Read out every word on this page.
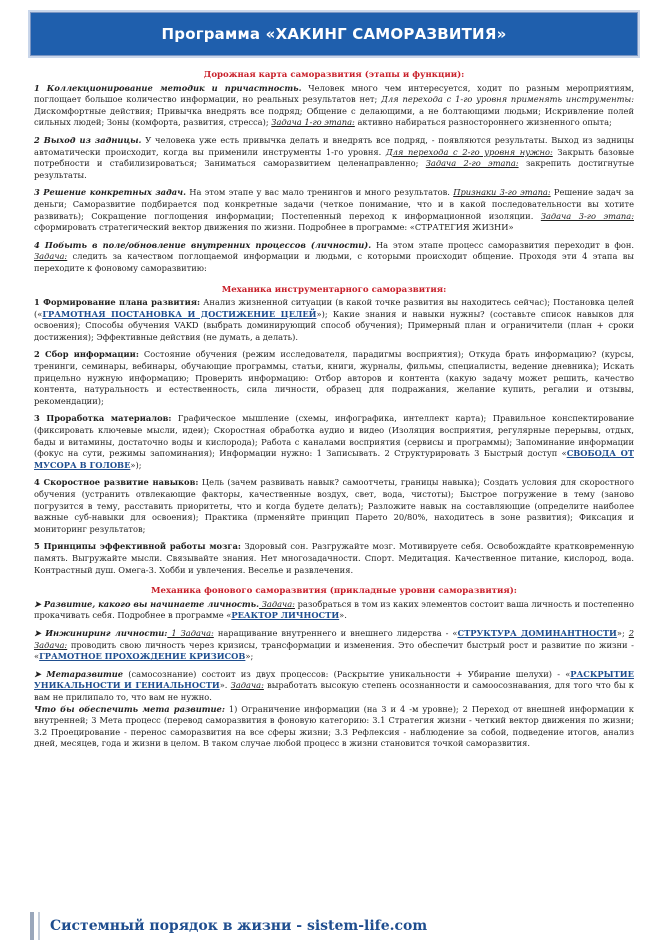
Программа «ХАКИНГ САМОРАЗВИТИЯ»
Дорожная карта саморазвития (этапы и функции):
1 Коллекционирование методик и причастность. Человек много чем интересуется, ходит по разным мероприятиям, поглощает большое количество информации, но реальных результатов нет; Для перехода с 1-го уровня применять инструменты: Дискомфортные действия; Привычка внедрять все подряд; Общение с делающими, а не болтающими людьми; Искривление полей сильных людей; Зоны (комфорта, развития, стресса); Задача 1-го этапа: активно набираться разностороннего жизненного опыта;
2 Выход из задницы. У человека уже есть привычка делать и внедрять все подряд, - появляются результаты. Выход из задницы автоматически происходит, когда вы применили инструменты 1-го уровня. Для перехода с 2-го уровня нужно: Закрыть базовые потребности и стабилизироваться; Заниматься саморазвитием целенаправленно; Задача 2-го этапа: закрепить достигнутые результаты.
3 Решение конкретных задач. На этом этапе у вас мало тренингов и много результатов. Признаки 3-го этапа: Решение задач за деньги; Саморазвитие подбирается под конкретные задачи (четкое понимание, что и в какой последовательности вы хотите развивать); Сокращение поглощения информации; Постепенный переход к информационной изоляции. Задача 3-го этапа: сформировать стратегический вектор движения по жизни. Подробнее в программе: «СТРАТЕГИЯ ЖИЗНИ»
4 Побыть в поле/обновление внутренних процессов (личности). На этом этапе процесс саморазвития переходит в фон. Задача: следить за качеством поглощаемой информации и людьми, с которыми происходит общение. Проходя эти 4 этапа вы переходите к фоновому саморазвитию:
Механика инструментарного саморазвития:
1 Формирование плана развития: Анализ жизненной ситуации (в какой точке развития вы находитесь сейчас); Постановка целей («ГРАМОТНАЯ ПОСТАНОВКА И ДОСТИЖЕНИЕ ЦЕЛЕЙ»); Какие знания и навыки нужны? (составьте список навыков для освоения); Способы обучения VAKD (выбрать доминирующий способ обучения); Примерный план и ограничители (план + сроки достижения); Эффективные действия (не думать, а делать).
2 Сбор информации: Состояние обучения (режим исследователя, парадигмы восприятия); Откуда брать информацию? (курсы, тренинги, семинары, вебинары, обучающие программы, статьи, книги, журналы, фильмы, специалисты, ведение дневника); Искать прицельно нужную информацию; Проверить информацию: Отбор авторов и контента (какую задачу может решить, качество контента, натуральность и естественность, сила личности, образец для подражания, желание купить, регалии и отзывы, рекомендации);
3 Проработка материалов: Графическое мышление (схемы, инфографика, интеллект карта); Правильное конспектирование (фиксировать ключевые мысли, идеи); Скоростная обработка аудио и видео (Изоляция восприятия, регулярные перерывы, отдых, бады и витамины, достаточно воды и кислорода); Работа с каналами восприятия (сервисы и программы); Запоминание информации (фокус на сути, режимы запоминания); Информации нужно: 1 Записывать. 2 Структурировать 3 Быстрый доступ «СВОБОДА ОТ МУСОРА В ГОЛОВЕ»);
4 Скоростное развитие навыков: Цель (зачем развивать навык? самоотчеты, границы навыка); Создать условия для скоростного обучения (устранить отвлекающие факторы, качественные воздух, свет, вода, чистоты); Быстрое погружение в тему (заново погрузится в тему, расставить приоритеты, что и когда будете делать); Разложите навык на составляющие (определите наиболее важные суб-навыки для освоения); Практика (прменяйте принцип Парето 20/80%, находитесь в зоне развития); Фиксация и мониторинг результатов;
5 Принципы эффективной работы мозга: Здоровый сон. Разгружайте мозг. Мотивируете себя. Освобождайте кратковременную память. Выгружайте мысли. Связывайте знания. Нет многозадачности. Спорт. Медитация. Качественное питание, кислород, вода. Контрастный душ. Омега-3. Хобби и увлечения. Веселье и развлечения.
Механика фонового саморазвития (прикладные уровни саморазвития):
➤ Развитие, какого вы начинаете личность. Задача: разобраться в том из каких элементов состоит ваша личность и постепенно прокачивать себя. Подробнее в программе «РЕАКТОР ЛИЧНОСТИ».
➤ Инжиниринг личности: 1 Задача: наращивание внутреннего и внешнего лидерства - «СТРУКТУРА ДОМИНАНТНОСТИ»; 2 Задача: проводить свою личность через кризисы, трансформации и изменения. Это обеспечит быстрый рост и развитие по жизни - «ГРАМОТНОЕ ПРОХОЖДЕНИЕ КРИЗИСОВ»;
➤ Метаразвитие (самосознание) состоит из двух процессов: (Раскрытие уникальности + Убирание шелухи) - «РАСКРЫТИЕ УНИКАЛЬНОСТИ И ГЕНИАЛЬНОСТИ». Задача: выработать высокую степень осознанности и самоосознавания, для того что бы к вам не прилипало то, что вам не нужно.
Что бы обеспечить мета развитие: 1) Ограничение информации (на 3 и 4 -м уровне); 2 Переход от внешней информации к внутренней; 3 Мета процесс (перевод саморазвития в фоновую категорию: 3.1 Стратегия жизни - четкий вектор движения по жизни; 3.2 Проецирование - перенос саморазвития на все сферы жизни; 3.3 Рефлексия - наблюдение за собой, подведение итогов, анализ дней, месяцев, года и жизни в целом. В таком случае любой процесс в жизни становится точкой саморазвития.
Системный порядок в жизни - sistem-life.com
